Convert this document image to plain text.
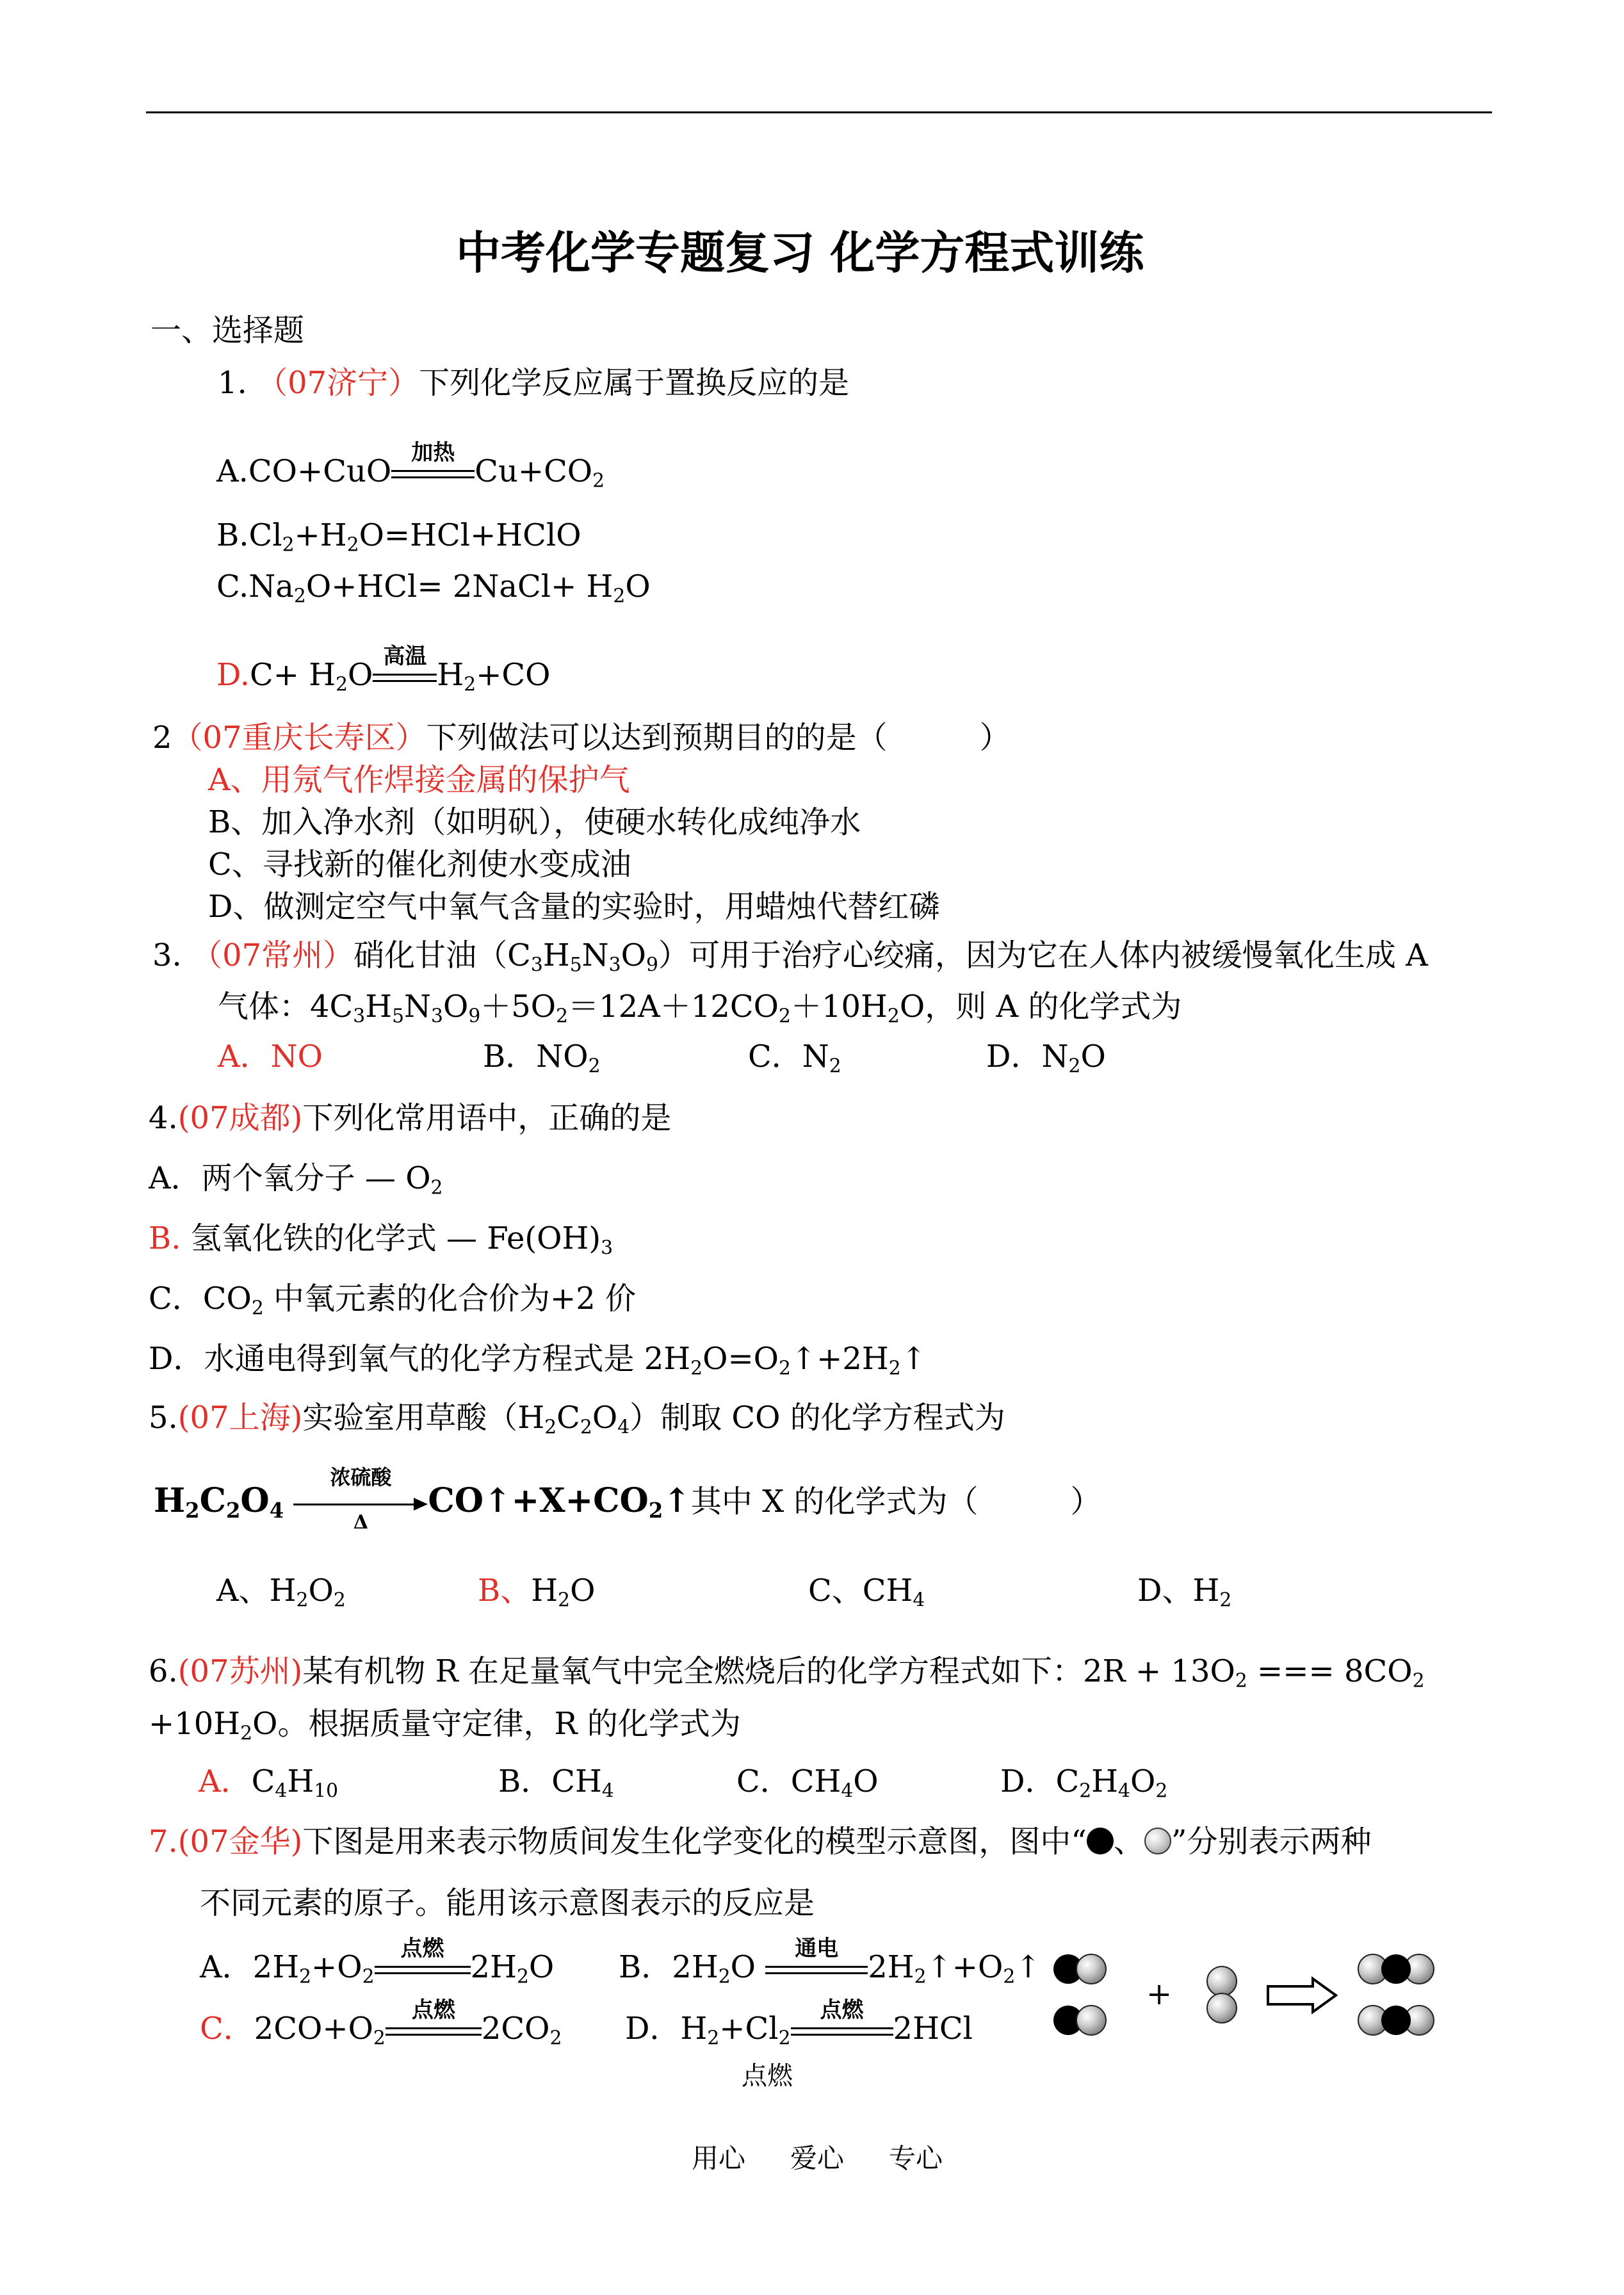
中考化学专题复习 化学方程式训练
一、选择题
1. （07济宁）下列化学反应属于置换反应的是
A.CO+CuO
加热
$Cu+CO_2$
$B.Cl_2+H_2O=HCl+HClO$
$C.Na_2O+HCl=$ 2NaCl+ $H_2O$
$D.C+ H_2O$
高温
$H_2+CO$
2（07重庆长寿区）下列做法可以达到预期目的的是（　　　）
A、用氖气作焊接金属的保护气
B、加入净水剂（如明矾），使硬水转化成纯净水
C、寻找新的催化剂使水变成油
D、做测定空气中氧气含量的实验时，用蜡烛代替红磷
3. （07常州）硝化甘油$(C_3H_5N_3O_9)$可用于治疗心绞痛，因为它在人体内被缓慢氧化生成 A
气体：$4C_3H_5N_3O_9+5O_2=12A+12CO_2+10H_2O$，则 A 的化学式为
A．NO	B．$NO_2$	C．$N_2$	D．$N_2O$
4.(07成都)下列化常用语中，正确的是
A．两个氧分子 — $O_2$
B. 氢氧化铁的化学式 — $Fe(OH)_3$
C．$CO_2$ 中氧元素的化合价为+2 价
D．水通电得到氧气的化学方程式是 $2H_2O=O_2↑+2H_2↑$
5.(07上海)实验室用草酸$(H_2C_2O_4)$制取 CO 的化学方程式为
$H_2C_2O_4$
浓硫酸
Δ
$CO↑+X+CO_2↑$其中 X 的化学式为（　　　）
A、$H_2O_2$	B、$H_2O$	C、$CH_4$	D、$H_2$
6.(07苏州)某有机物 R 在足量氧气中完全燃烧后的化学方程式如下：$2R + 13O_2$ === $8CO_2$
$+10H_2O$。根据质量守定律，R 的化学式为
A．$C_4H_{10}$	B．$CH_4$	C．$CH_4O$	D．$C_2H_4O_2$
7.(07金华)下图是用来表示物质间发生化学变化的模型示意图，图中“ 、 ”分别表示两种
不同元素的原子。能用该示意图表示的反应是
A．$2H_2+O_2$
点燃
$2H_2O$ B．$2H_2O$
通电
$2H_2↑+O_2↑$
C．$2CO+O_2$
点燃
$2CO_2$ D．$H_2+Cl_2$
点燃
2HCl
点燃
+
用心 爱心 专心
